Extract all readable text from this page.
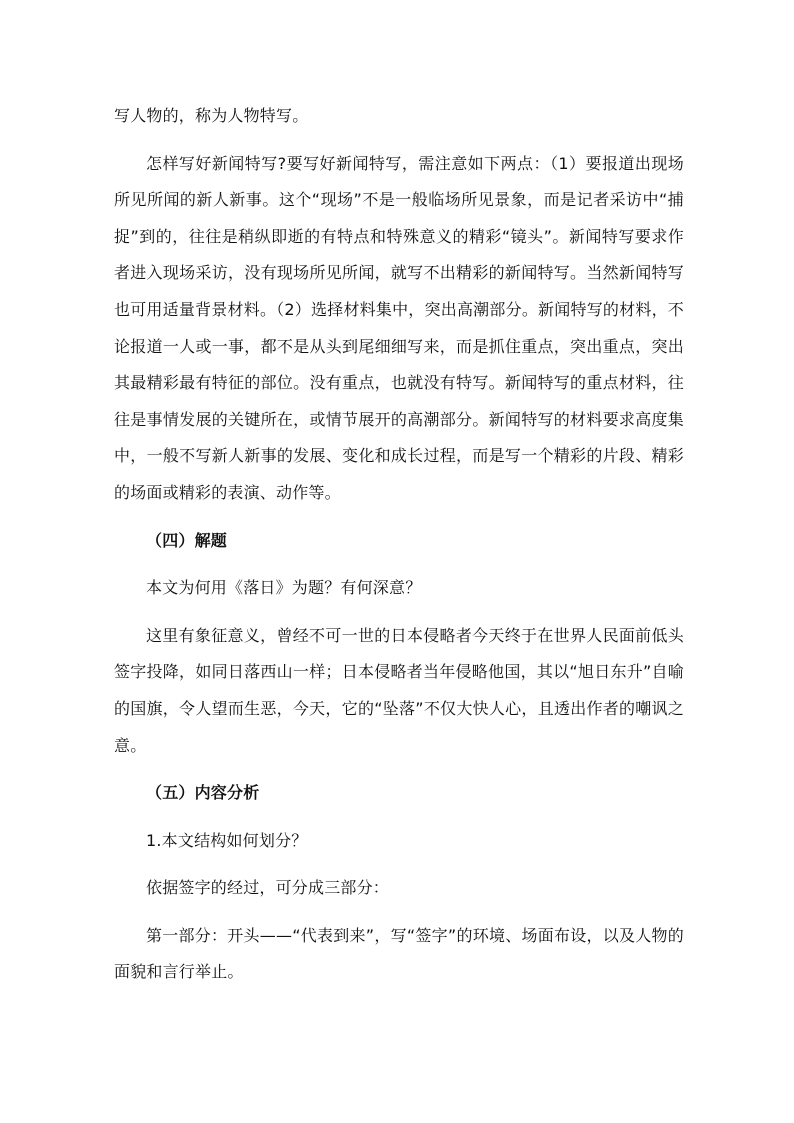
写人物的，称为人物特写。

怎样写好新闻特写?要写好新闻特写，需注意如下两点：（1）要报道出现场所见所闻的新人新事。这个“现场”不是一般临场所见景象，而是记者采访中“捕捉”到的，往往是稍纵即逝的有特点和特殊意义的精彩“镜头”。新闻特写要求作者进入现场采访，没有现场所见所闻，就写不出精彩的新闻特写。当然新闻特写也可用适量背景材料。（2）选择材料集中，突出高潮部分。新闻特写的材料，不论报道一人或一事，都不是从头到尾细细写来，而是抓住重点，突出重点，突出其最精彩最有特征的部位。没有重点，也就没有特写。新闻特写的重点材料，往往是事情发展的关键所在，或情节展开的高潮部分。新闻特写的材料要求高度集中，一般不写新人新事的发展、变化和成长过程，而是写一个精彩的片段、精彩的场面或精彩的表演、动作等。

（四）解题

本文为何用《落日》为题？有何深意？

这里有象征意义，曾经不可一世的日本侵略者今天终于在世界人民面前低头签字投降，如同日落西山一样；日本侵略者当年侵略他国，其以“旭日东升”自喻的国旗，令人望而生恶，今天，它的“坠落”不仅大快人心，且透出作者的嘲讽之意。

（五）内容分析

1.本文结构如何划分？

依据签字的经过，可分成三部分：

第一部分：开头——“代表到来”，写“签字”的环境、场面布设，以及人物的面貌和言行举止。
